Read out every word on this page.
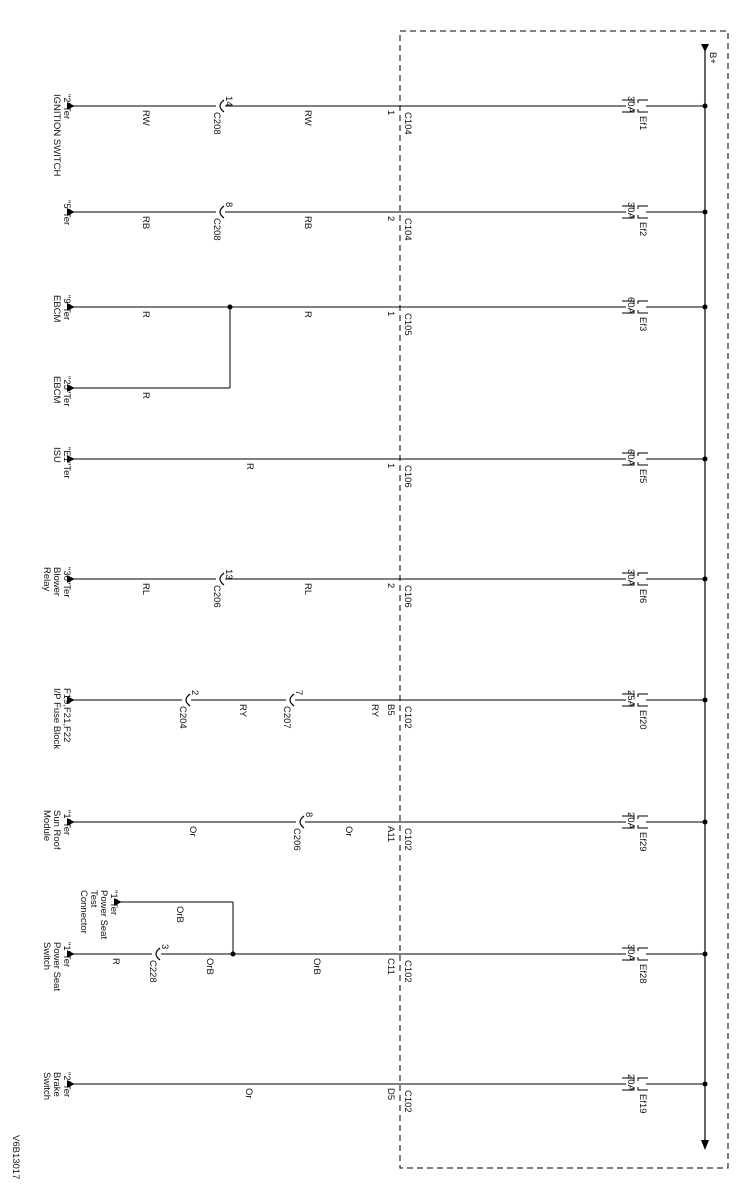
B+
Ef1
30A
C104
1
RW
RW
14
C208
"2"Ter
IGNITION SWITCH
Ef2
30A
C104
2
RB
RB
8
C208
"5"Ter
Ef3
60A
C105
1
R
R
"9"Ter
EBCM
R
"25"Ter
EBCM
Ef5
60A
C106
1
R
"E1"Ter
ISU
Ef6
30A
C106
2
RL
RL
13
C206
"30"Ter
Blower
Relay
Ef20
25A
C102
B5
RY
RY
7
C207
2
C204
F19,F21,F22
I/P Fuse Block
Ef29
20A
C102
A11
Or
Or
8
C206
"1"Ter
Sun Roof
Module
Ef28
30A
C102
C11
OrB
OrB
R
3
C228
"1"Ter
Power Seat
Switch
OrB
"1"Ter
Power Seat
Test
Connector
Ef19
20A
C102
D5
Or
"2"Ter
Brake
Switch
V6B13017
